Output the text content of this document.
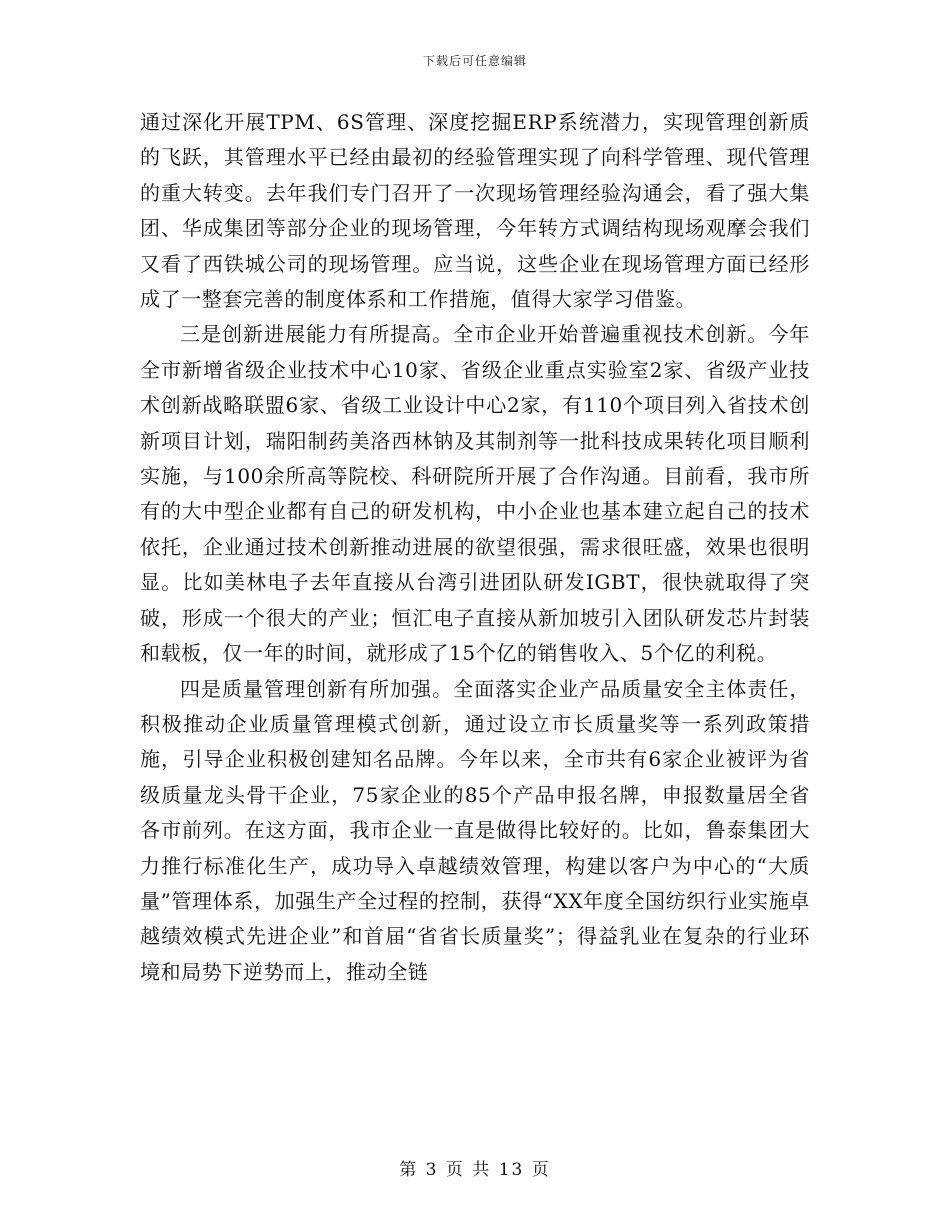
下载后可任意编辑

通过深化开展TPM、6S管理、深度挖掘ERP系统潜力，实现管理创新质的飞跃，其管理水平已经由最初的经验管理实现了向科学管理、现代管理的重大转变。去年我们专门召开了一次现场管理经验沟通会，看了强大集团、华成集团等部分企业的现场管理，今年转方式调结构现场观摩会我们又看了西铁城公司的现场管理。应当说，这些企业在现场管理方面已经形成了一整套完善的制度体系和工作措施，值得大家学习借鉴。

三是创新进展能力有所提高。全市企业开始普遍重视技术创新。今年全市新增省级企业技术中心10家、省级企业重点实验室2家、省级产业技术创新战略联盟6家、省级工业设计中心2家，有110个项目列入省技术创新项目计划，瑞阳制药美洛西林钠及其制剂等一批科技成果转化项目顺利实施，与100余所高等院校、科研院所开展了合作沟通。目前看，我市所有的大中型企业都有自己的研发机构，中小企业也基本建立起自己的技术依托，企业通过技术创新推动进展的欲望很强，需求很旺盛，效果也很明显。比如美林电子去年直接从台湾引进团队研发IGBT，很快就取得了突破，形成一个很大的产业；恒汇电子直接从新加坡引入团队研发芯片封装和载板，仅一年的时间，就形成了15个亿的销售收入、5个亿的利税。

四是质量管理创新有所加强。全面落实企业产品质量安全主体责任，积极推动企业质量管理模式创新，通过设立市长质量奖等一系列政策措施，引导企业积极创建知名品牌。今年以来，全市共有6家企业被评为省级质量龙头骨干企业，75家企业的85个产品申报名牌，申报数量居全省各市前列。在这方面，我市企业一直是做得比较好的。比如，鲁泰集团大力推行标准化生产，成功导入卓越绩效管理，构建以客户为中心的“大质量”管理体系，加强生产全过程的控制，获得“XX年度全国纺织行业实施卓越绩效模式先进企业”和首届“省省长质量奖”；得益乳业在复杂的行业环境和局势下逆势而上，推动全链

第 3 页 共 13 页
